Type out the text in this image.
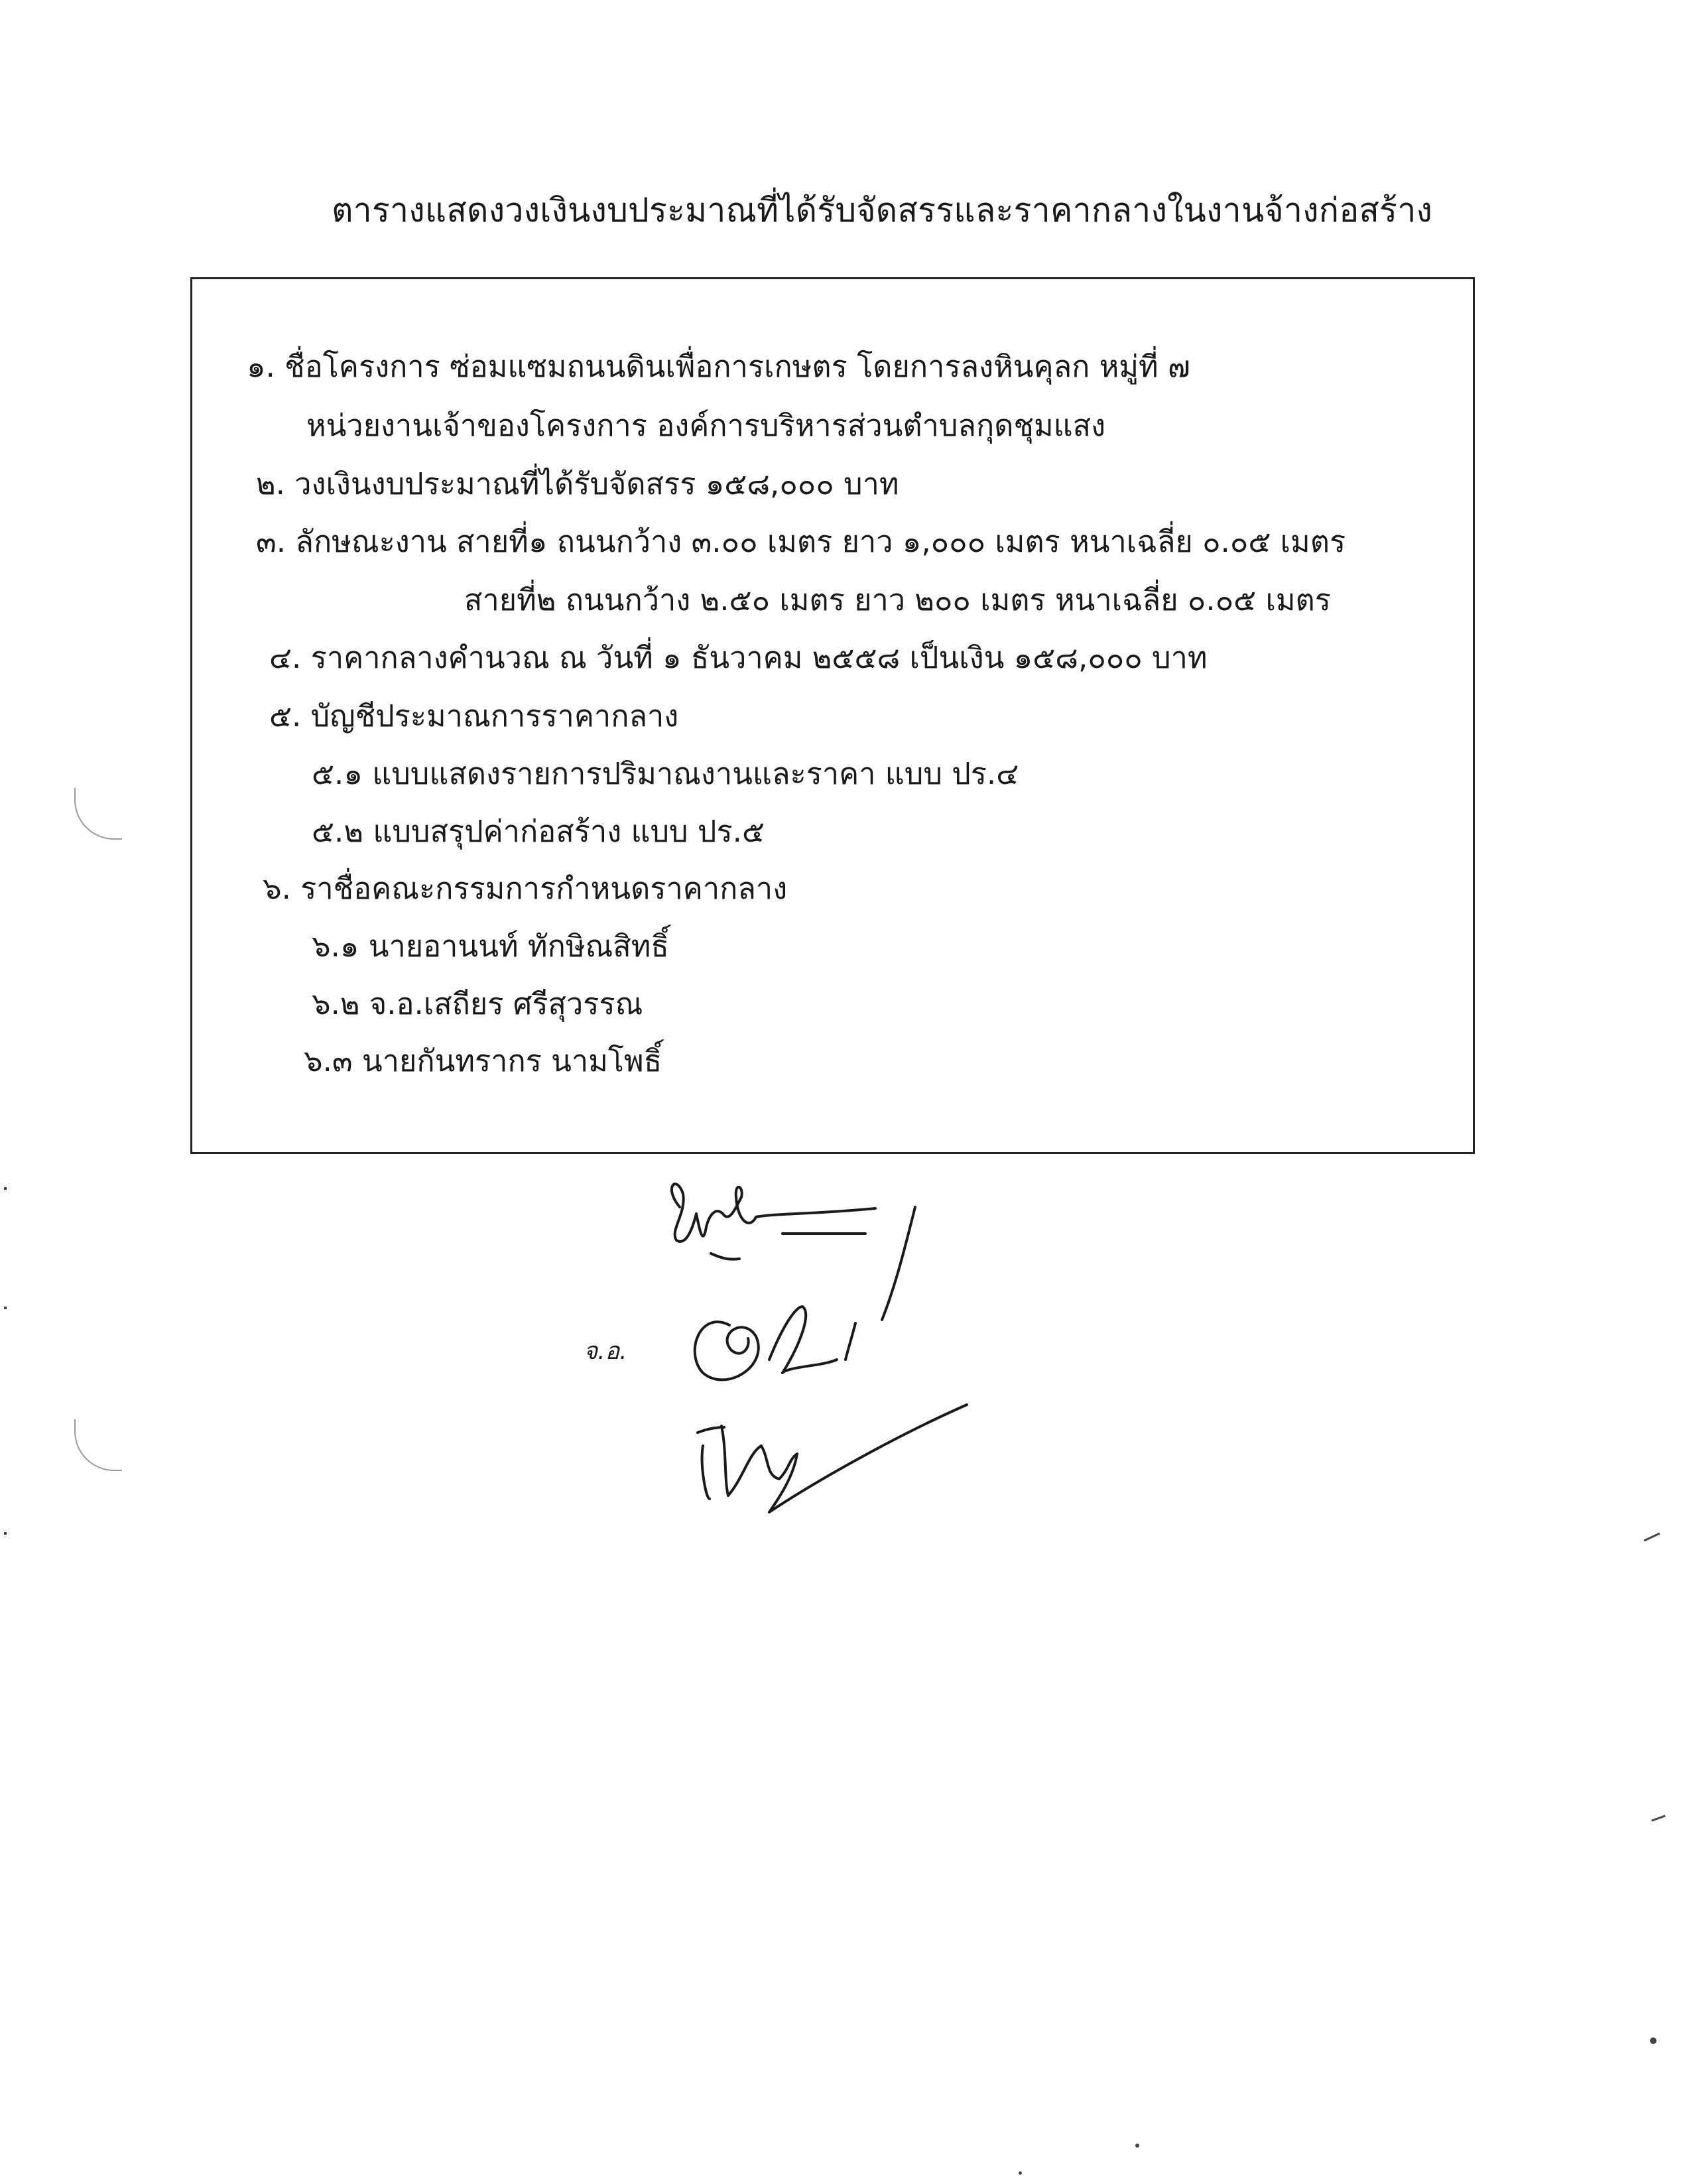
ตารางแสดงวงเงินงบประมาณที่ได้รับจัดสรรและราคากลางในงานจ้างก่อสร้าง
๑. ชื่อโครงการ ซ่อมแซมถนนดินเพื่อการเกษตร โดยการลงหินคุลก หมู่ที่ ๗
หน่วยงานเจ้าของโครงการ องค์การบริหารส่วนตำบลกุดชุมแสง
๒. วงเงินงบประมาณที่ได้รับจัดสรร ๑๕๘,๐๐๐ บาท
๓. ลักษณะงาน สายที่๑ ถนนกว้าง ๓.๐๐ เมตร ยาว ๑,๐๐๐ เมตร หนาเฉลี่ย ๐.๐๕ เมตร
สายที่๒ ถนนกว้าง ๒.๕๐ เมตร ยาว ๒๐๐ เมตร หนาเฉลี่ย ๐.๐๕ เมตร
๔. ราคากลางคำนวณ ณ วันที่ ๑ ธันวาคม ๒๕๕๘ เป็นเงิน ๑๕๘,๐๐๐ บาท
๕. บัญชีประมาณการราคากลาง
๕.๑ แบบแสดงรายการปริมาณงานและราคา แบบ ปร.๔
๕.๒ แบบสรุปค่าก่อสร้าง แบบ ปร.๕
๖. ราชื่อคณะกรรมการกำหนดราคากลาง
๖.๑ นายอานนท์ ทักษิณสิทธิ์
๖.๒ จ.อ.เสถียร ศรีสุวรรณ
๖.๓ นายกันทรากร นามโพธิ์
จ.อ.
